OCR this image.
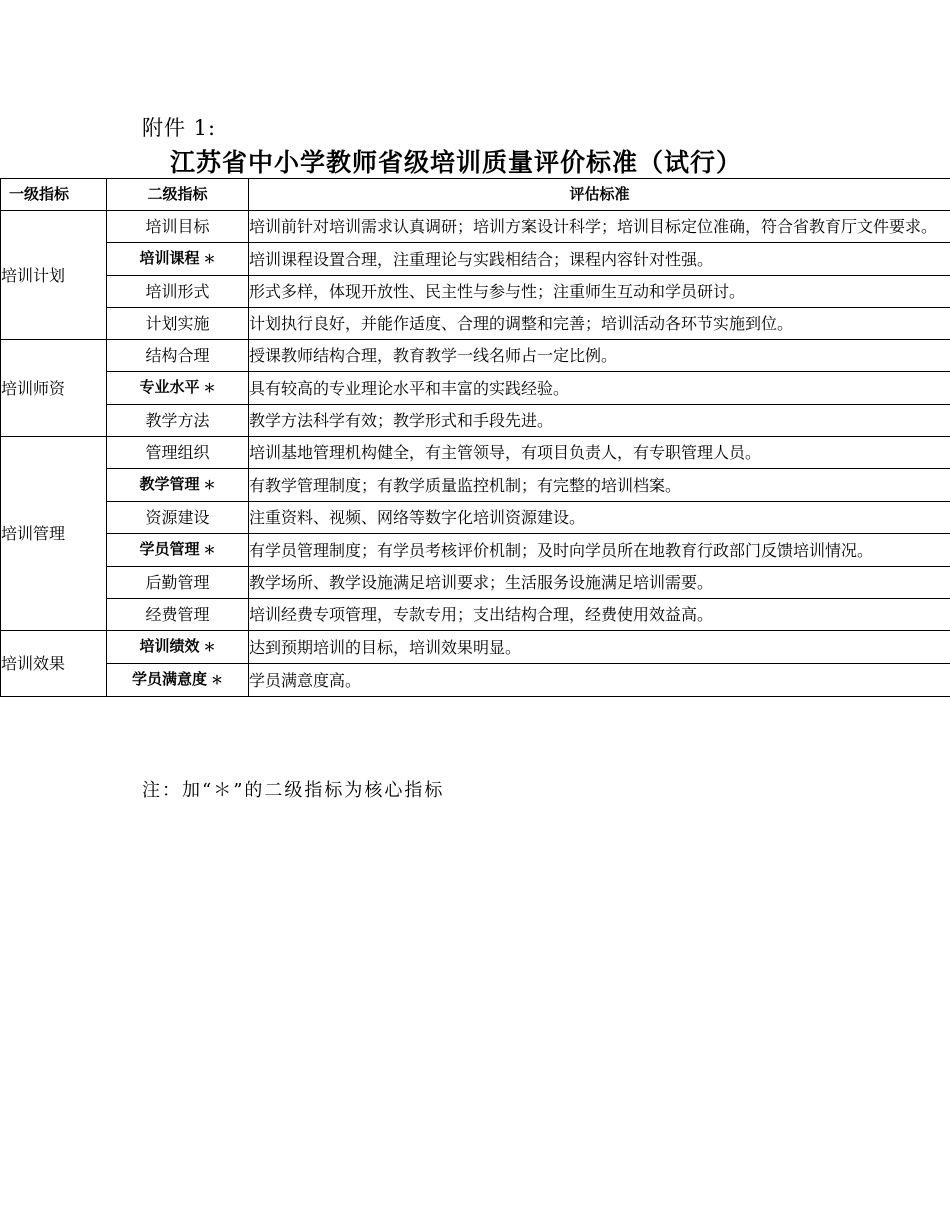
附件 1:
江苏省中小学教师省级培训质量评价标准（试行）
一级指标	二级指标	评估标准
培训计划	培训目标	培训前针对培训需求认真调研；培训方案设计科学；培训目标定位准确，符合省教育厅文件要求。
	培训课程 ＊	培训课程设置合理，注重理论与实践相结合；课程内容针对性强。
	培训形式	形式多样，体现开放性、民主性与参与性；注重师生互动和学员研讨。
	计划实施	计划执行良好，并能作适度、合理的调整和完善；培训活动各环节实施到位。
培训师资	结构合理	授课教师结构合理，教育教学一线名师占一定比例。
	专业水平 ＊	具有较高的专业理论水平和丰富的实践经验。
	教学方法	教学方法科学有效；教学形式和手段先进。
培训管理	管理组织	培训基地管理机构健全，有主管领导，有项目负责人，有专职管理人员。
	教学管理 ＊	有教学管理制度；有教学质量监控机制；有完整的培训档案。
	资源建设	注重资料、视频、网络等数字化培训资源建设。
	学员管理 ＊	有学员管理制度；有学员考核评价机制；及时向学员所在地教育行政部门反馈培训情况。
	后勤管理	教学场所、教学设施满足培训要求；生活服务设施满足培训需要。
	经费管理	培训经费专项管理，专款专用；支出结构合理，经费使用效益高。
培训效果	培训绩效 ＊	达到预期培训的目标，培训效果明显。
	学员满意度 ＊	学员满意度高。
注：加“＊”的二级指标为核心指标
